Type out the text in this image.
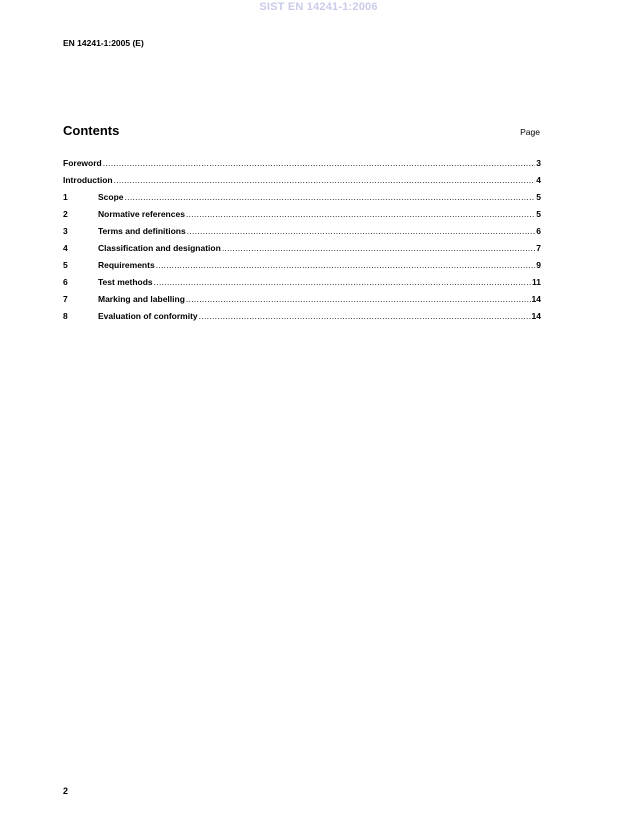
SIST EN 14241-1:2006
EN 14241-1:2005 (E)
Contents	Page
Foreword .....	3
Introduction .....	4
1	Scope .....	5
2	Normative references .....	5
3	Terms and definitions .....	6
4	Classification and designation .....	7
5	Requirements .....	9
6	Test methods .....	11
7	Marking and labelling .....	14
8	Evaluation of conformity .....	14
2
